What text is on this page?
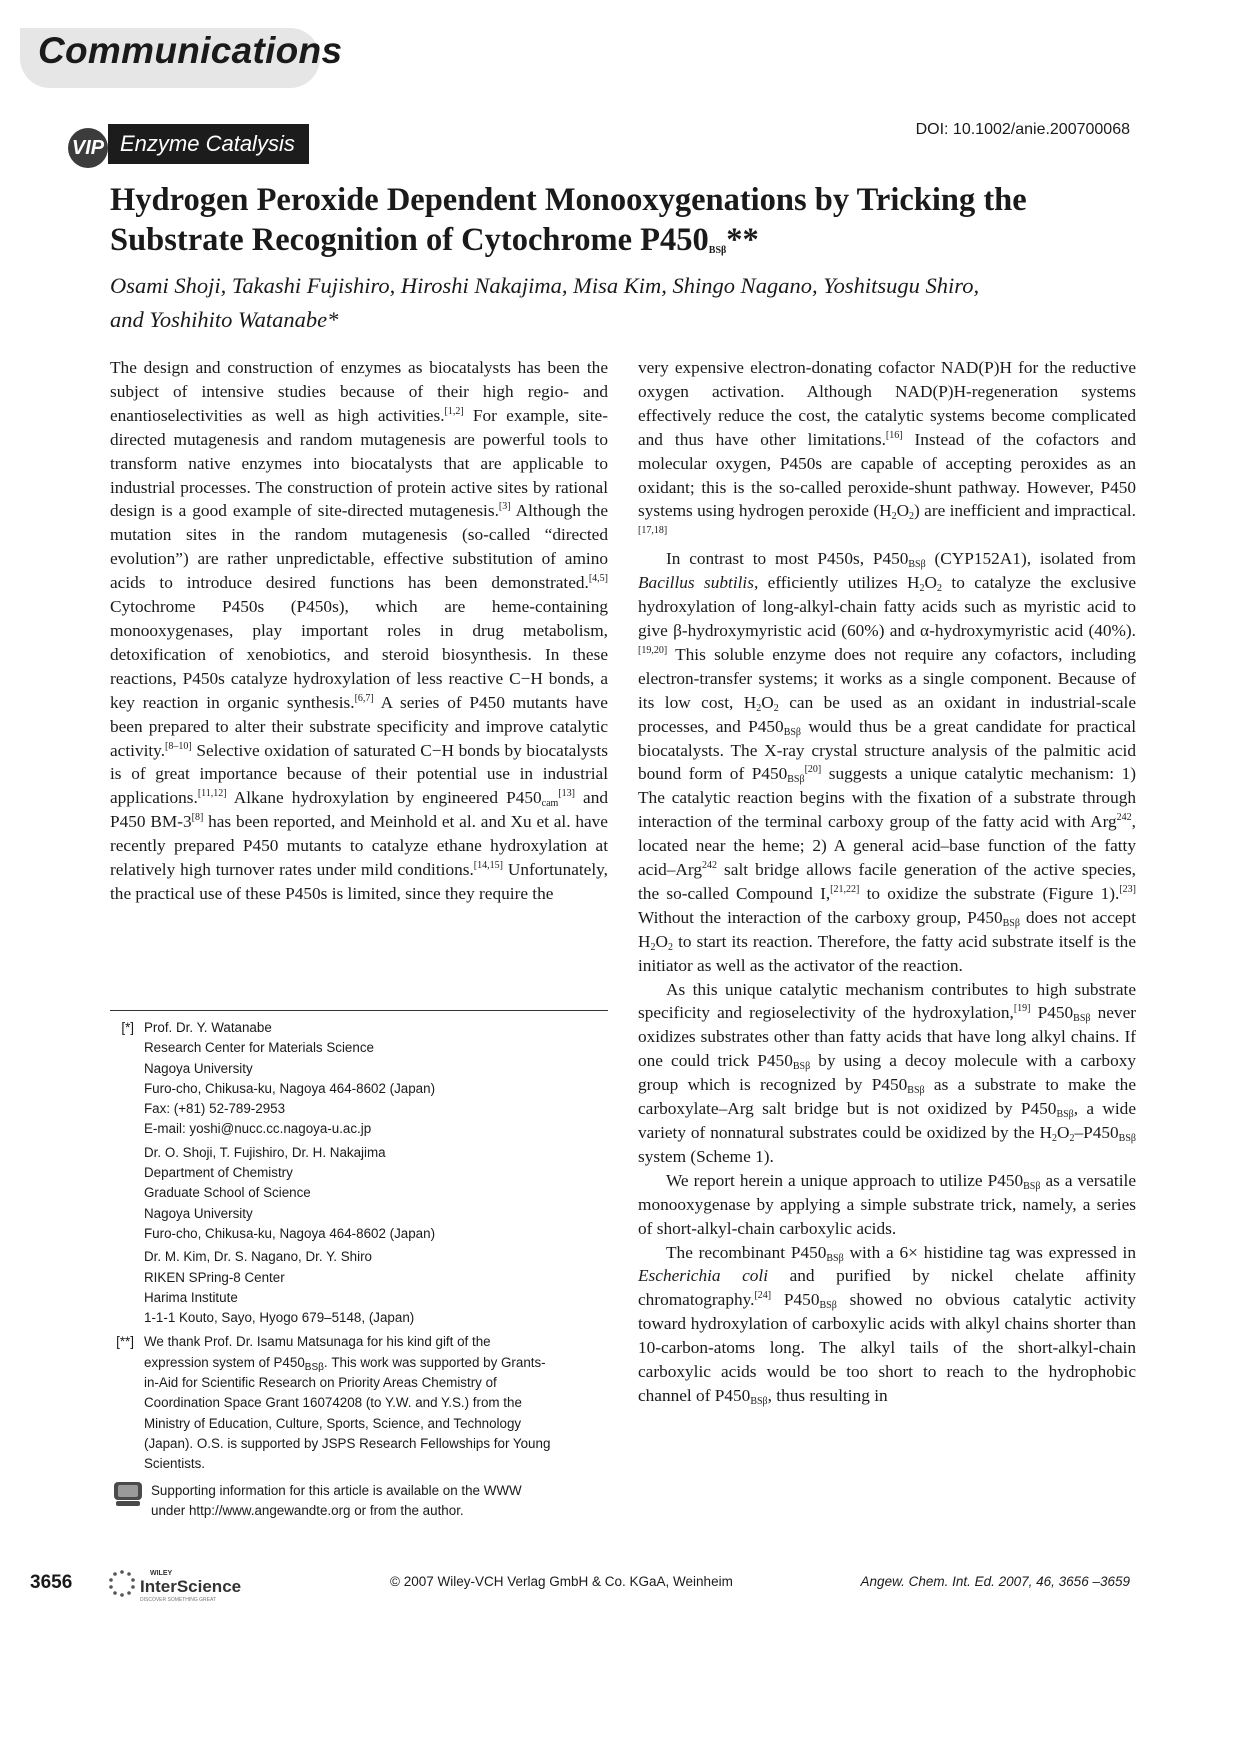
Communications
VIP Enzyme Catalysis
DOI: 10.1002/anie.200700068
Hydrogen Peroxide Dependent Monooxygenations by Tricking the Substrate Recognition of Cytochrome $P450_{BS\beta}**$
Osami Shoji, Takashi Fujishiro, Hiroshi Nakajima, Misa Kim, Shingo Nagano, Yoshitsugu Shiro,
and Yoshihito Watanabe*

The design and construction of enzymes as biocatalysts has been the subject of intensive studies because of their high regio- and enantioselectivities as well as high activities.[1,2] For example, site-directed mutagenesis and random mutagenesis are powerful tools to transform native enzymes into biocatalysts that are applicable to industrial processes. The construction of protein active sites by rational design is a good example of site-directed mutagenesis.[3] Although the mutation sites in the random mutagenesis (so-called “directed evolution”) are rather unpredictable, effective substitution of amino acids to introduce desired functions has been demonstrated.[4,5] Cytochrome P450s (P450s), which are heme-containing monooxygenases, play important roles in drug metabolism, detoxification of xenobiotics, and steroid biosynthesis. In these reactions, P450s catalyze hydroxylation of less reactive C−H bonds, a key reaction in organic synthesis.[6,7] A series of P450 mutants have been prepared to alter their substrate specificity and improve catalytic activity.[8–10] Selective oxidation of saturated C−H bonds by biocatalysts is of great importance because of their potential use in industrial applications.[11,12] Alkane hydroxylation by engineered $P450_{cam}[13]$ and P450 BM-3[8] has been reported, and Meinhold et al. and Xu et al. have recently prepared P450 mutants to catalyze ethane hydroxylation at relatively high turnover rates under mild conditions.[14,15] Unfortunately, the practical use of these P450s is limited, since they require the

very expensive electron-donating cofactor NAD(P)H for the reductive oxygen activation. Although NAD(P)H-regeneration systems effectively reduce the cost, the catalytic systems become complicated and thus have other limitations.[16] Instead of the cofactors and molecular oxygen, P450s are capable of accepting peroxides as an oxidant; this is the so-called peroxide-shunt pathway. However, P450 systems using hydrogen peroxide $(H_2O_2)$ are inefficient and impractical.[17,18]

In contrast to most P450s, $P450_{BS\beta}$ (CYP152A1), isolated from Bacillus subtilis, efficiently utilizes $H_2O_2$ to catalyze the exclusive hydroxylation of long-alkyl-chain fatty acids such as myristic acid to give β-hydroxymyristic acid (60%) and α-hydroxymyristic acid (40%).[19,20] This soluble enzyme does not require any cofactors, including electron-transfer systems; it works as a single component. Because of its low cost, $H_2O_2$ can be used as an oxidant in industrial-scale processes, and $P450_{BS\beta}$ would thus be a great candidate for practical biocatalysts. The X-ray crystal structure analysis of the palmitic acid bound form of $P450_{BS\beta}[20]$ suggests a unique catalytic mechanism: 1) The catalytic reaction begins with the fixation of a substrate through interaction of the terminal carboxy group of the fatty acid with Arg$^{242}$, located near the heme; 2) A general acid–base function of the fatty acid–Arg$^{242}$ salt bridge allows facile generation of the active species, the so-called Compound I,[21,22] to oxidize the substrate (Figure 1).[23] Without the interaction of the carboxy group, $P450_{BS\beta}$ does not accept $H_2O_2$ to start its reaction. Therefore, the fatty acid substrate itself is the initiator as well as the activator of the reaction.

As this unique catalytic mechanism contributes to high substrate specificity and regioselectivity of the hydroxylation,[19] $P450_{BS\beta}$ never oxidizes substrates other than fatty acids that have long alkyl chains. If one could trick $P450_{BS\beta}$ by using a decoy molecule with a carboxy group which is recognized by $P450_{BS\beta}$ as a substrate to make the carboxylate–Arg salt bridge but is not oxidized by $P450_{BS\beta}$, a wide variety of nonnatural substrates could be oxidized by the $H_2O_2-P450_{BS\beta}$ system (Scheme 1).

We report herein a unique approach to utilize $P450_{BS\beta}$ as a versatile monooxygenase by applying a simple substrate trick, namely, a series of short-alkyl-chain carboxylic acids.

The recombinant $P450_{BS\beta}$ with a 6× histidine tag was expressed in Escherichia coli and purified by nickel chelate affinity chromatography.[24] $P450_{BS\beta}$ showed no obvious catalytic activity toward hydroxylation of carboxylic acids with alkyl chains shorter than 10-carbon-atoms long. The alkyl tails of the short-alkyl-chain carboxylic acids would be too short to reach to the hydrophobic channel of $P450_{BS\beta}$, thus resulting in

[*] Prof. Dr. Y. Watanabe
Research Center for Materials Science
Nagoya University
Furo-cho, Chikusa-ku, Nagoya 464-8602 (Japan)
Fax: (+81) 52-789-2953
E-mail: yoshi@nucc.cc.nagoya-u.ac.jp
Dr. O. Shoji, T. Fujishiro, Dr. H. Nakajima
Department of Chemistry
Graduate School of Science
Nagoya University
Furo-cho, Chikusa-ku, Nagoya 464-8602 (Japan)
Dr. M. Kim, Dr. S. Nagano, Dr. Y. Shiro
RIKEN SPring-8 Center
Harima Institute
1-1-1 Kouto, Sayo, Hyogo 679–5148, (Japan)
[**] We thank Prof. Dr. Isamu Matsunaga for his kind gift of the
expression system of $P450_{BS\beta}$. This work was supported by Grants-
in-Aid for Scientific Research on Priority Areas Chemistry of
Coordination Space Grant 16074208 (to Y.W. and Y.S.) from the
Ministry of Education, Culture, Sports, Science, and Technology
(Japan). O.S. is supported by JSPS Research Fellowships for Young
Scientists.
Supporting information for this article is available on the WWW
under http://www.angewandte.org or from the author.
3656	WILEY
InterScience
DISCOVER SOMETHING GREAT
© 2007 Wiley-VCH Verlag GmbH & Co. KGaA, Weinheim	Angew. Chem. Int. Ed. 2007, 46, 3656 –3659
